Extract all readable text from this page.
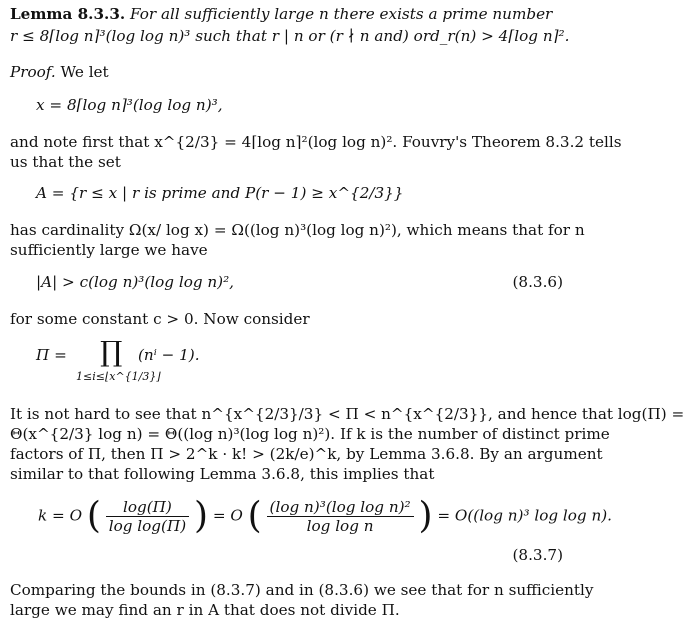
Lemma 8.3.3. For all sufficiently large n there exists a prime number
r ≤ 8⌈log n⌉³(log log n)³ such that r | n or (r ∤ n and) ord_r(n) > 4⌈log n⌉².
Proof. We let
x = 8⌈log n⌉³(log log n)³,
and note first that x^{2/3} = 4⌈log n⌉²(log log n)². Fouvry's Theorem 8.3.2 tells
us that the set
A = {r ≤ x | r is prime and P(r − 1) ≥ x^{2/3}}
has cardinality Ω(x/ log x) = Ω((log n)³(log log n)²), which means that for n
sufficiently large we have
|A| > c(log n)³(log log n)²,	(8.3.6)
for some constant c > 0. Now consider
Π = ∏ (nⁱ − 1).
1≤i≤⌊x^{1/3}⌋
It is not hard to see that n^{x^{2/3}/3} < Π < n^{x^{2/3}}, and hence that log(Π) =
Θ(x^{2/3} log n) = Θ((log n)³(log log n)²). If k is the number of distinct prime
factors of Π, then Π > 2^k · k! > (2k/e)^k, by Lemma 3.6.8. By an argument
similar to that following Lemma 3.6.8, this implies that
k = O ( $\frac{\log(\Pi)}{\text{log log(Π)}}$ ) = O ( $\frac{\text{(log n)³(log log n)²}}{\text{log log n}}$ ) = O((log n)³ log log n).
(8.3.7)
Comparing the bounds in (8.3.7) and in (8.3.6) we see that for n sufficiently
large we may find an r in A that does not divide Π.
